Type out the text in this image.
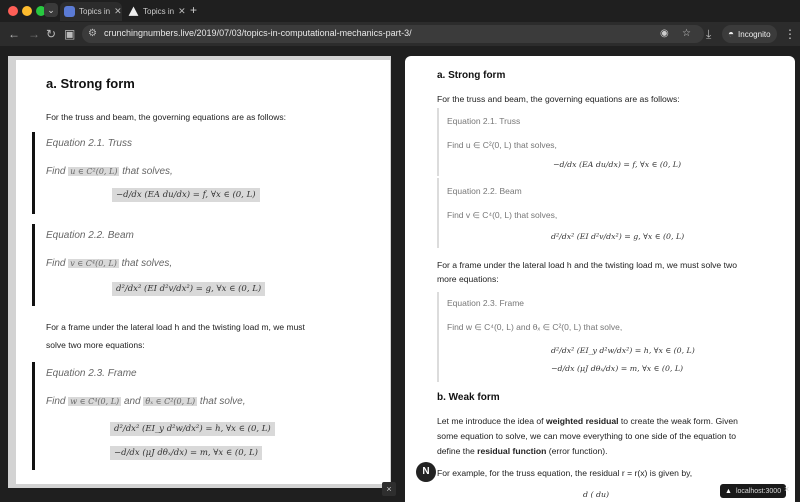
⌄	Topics in ✕	Topics in ✕ +
← → ↻ ▣ ⚙ crunchingnumbers.live/2019/07/03/topics-in-computational-mechanics-part-3/	◉ ☆ ⤓ ◓ Incognito ⋮
a. Strong form
For the truss and beam, the governing equations are as follows:
Equation 2.1. Truss
Find u ∈ C²(0, L) that solves,
−d/dx (EA du/dx) = f, ∀x ∈ (0, L)
Equation 2.2. Beam
Find v ∈ C⁴(0, L) that solves,
d²/dx² (EI d²v/dx²) = g, ∀x ∈ (0, L)
For a frame under the lateral load h and the twisting load m, we must
solve two more equations:
Equation 2.3. Frame
Find w ∈ C⁴(0, L) and θₓ ∈ C²(0, L) that solve,
d²/dx² (EI_y d²w/dx²) = h, ∀x ∈ (0, L)
−d/dx (μJ dθₓ/dx) = m, ∀x ∈ (0, L)
×
a. Strong form
For the truss and beam, the governing equations are as follows:
Equation 2.1. Truss
Find u ∈ C²(0, L) that solves,
−d/dx (EA du/dx) = f, ∀x ∈ (0, L)
Equation 2.2. Beam
Find v ∈ C⁴(0, L) that solves,
d²/dx² (EI d²v/dx²) = g, ∀x ∈ (0, L)
For a frame under the lateral load h and the twisting load m, we must solve two
more equations:
Equation 2.3. Frame
Find w ∈ C⁴(0, L) and θₓ ∈ C²(0, L) that solve,
d²/dx² (EI_y d²w/dx²) = h, ∀x ∈ (0, L)
−d/dx (μJ dθₓ/dx) = m, ∀x ∈ (0, L)
b. Weak form
Let me introduce the idea of weighted residual to create the weak form. Given
some equation to solve, we can move everything to one side of the equation to
define the residual function (error function).
For example, for the truss equation, the residual r = r(x) is given by,
d ( du)
N
▲ localhost:3000 ×
